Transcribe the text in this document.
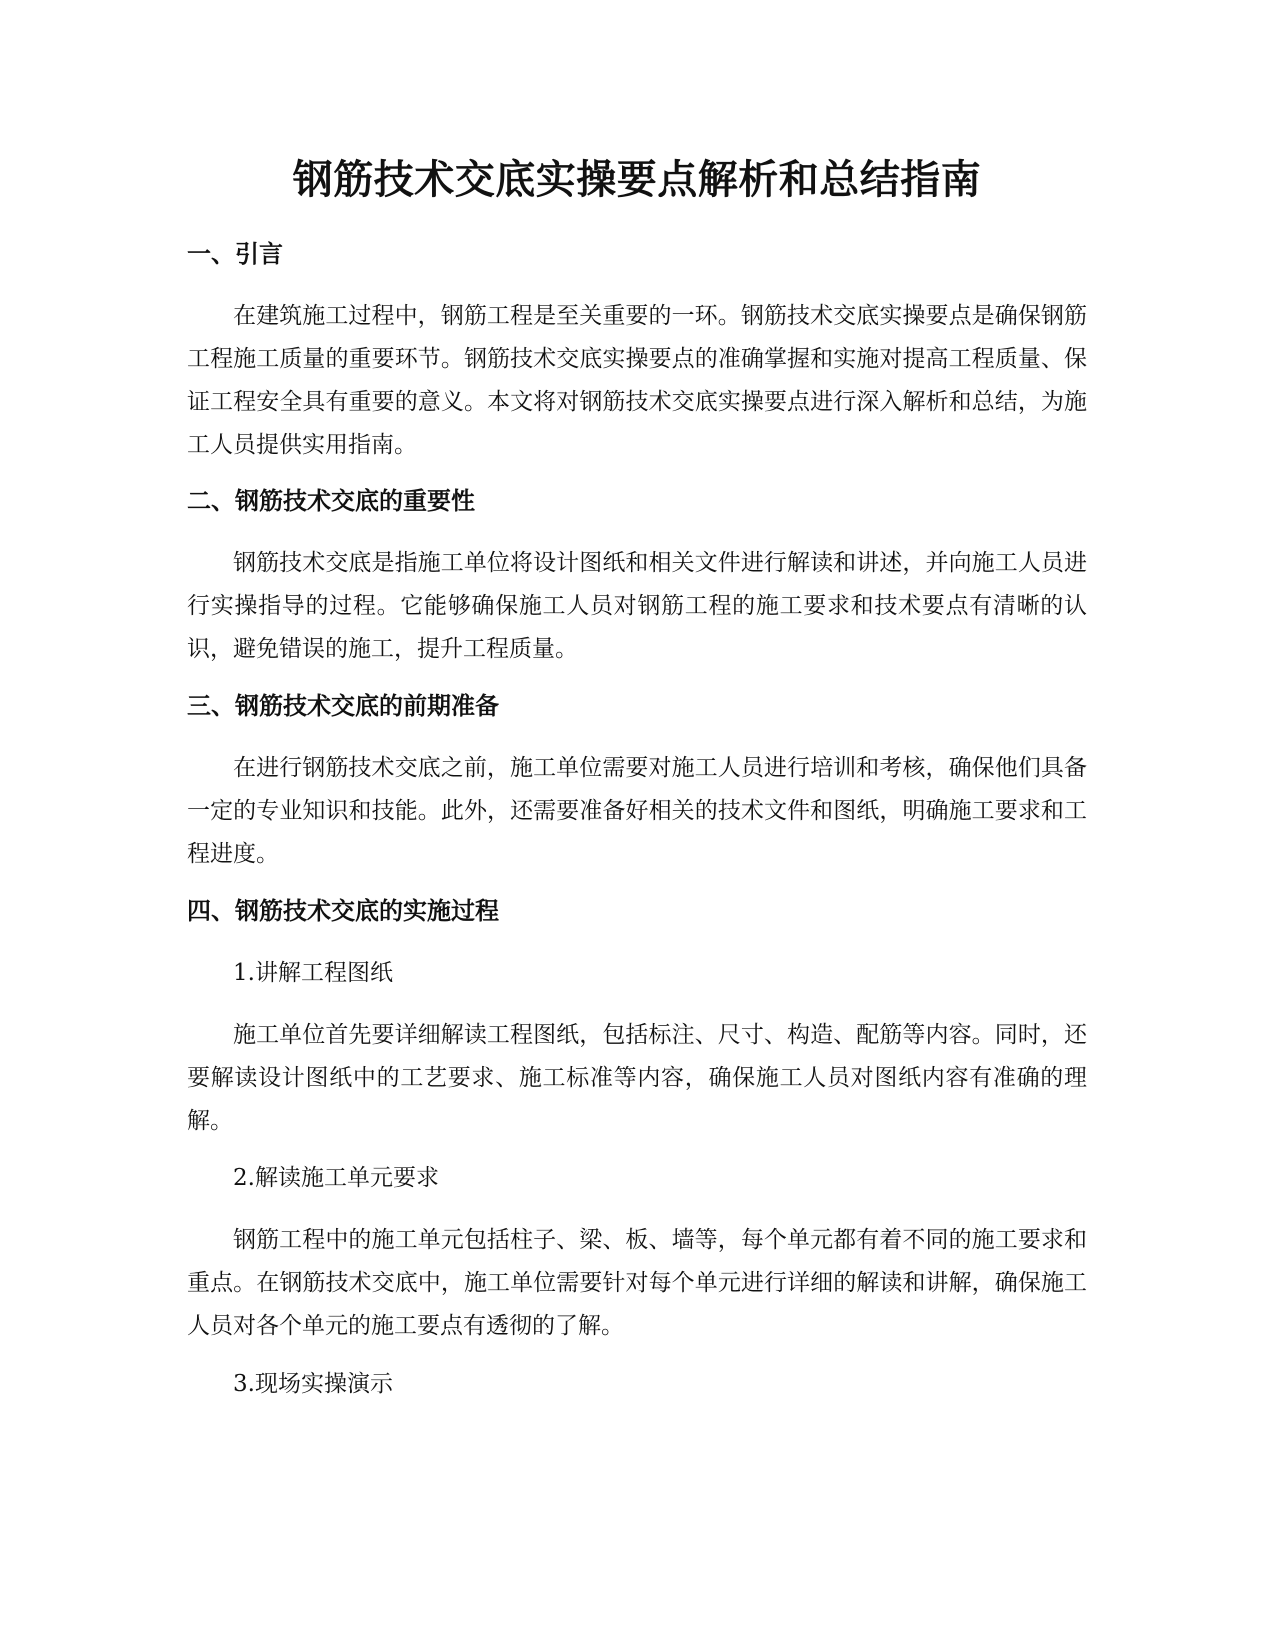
钢筋技术交底实操要点解析和总结指南
一、引言

在建筑施工过程中，钢筋工程是至关重要的一环。钢筋技术交底实操要点是确保钢筋工程施工质量的重要环节。钢筋技术交底实操要点的准确掌握和实施对提高工程质量、保证工程安全具有重要的意义。本文将对钢筋技术交底实操要点进行深入解析和总结，为施工人员提供实用指南。

二、钢筋技术交底的重要性

钢筋技术交底是指施工单位将设计图纸和相关文件进行解读和讲述，并向施工人员进行实操指导的过程。它能够确保施工人员对钢筋工程的施工要求和技术要点有清晰的认识，避免错误的施工，提升工程质量。

三、钢筋技术交底的前期准备

在进行钢筋技术交底之前，施工单位需要对施工人员进行培训和考核，确保他们具备一定的专业知识和技能。此外，还需要准备好相关的技术文件和图纸，明确施工要求和工程进度。

四、钢筋技术交底的实施过程

1.讲解工程图纸

施工单位首先要详细解读工程图纸，包括标注、尺寸、构造、配筋等内容。同时，还要解读设计图纸中的工艺要求、施工标准等内容，确保施工人员对图纸内容有准确的理解。

2.解读施工单元要求

钢筋工程中的施工单元包括柱子、梁、板、墙等，每个单元都有着不同的施工要求和重点。在钢筋技术交底中，施工单位需要针对每个单元进行详细的解读和讲解，确保施工人员对各个单元的施工要点有透彻的了解。

3.现场实操演示
